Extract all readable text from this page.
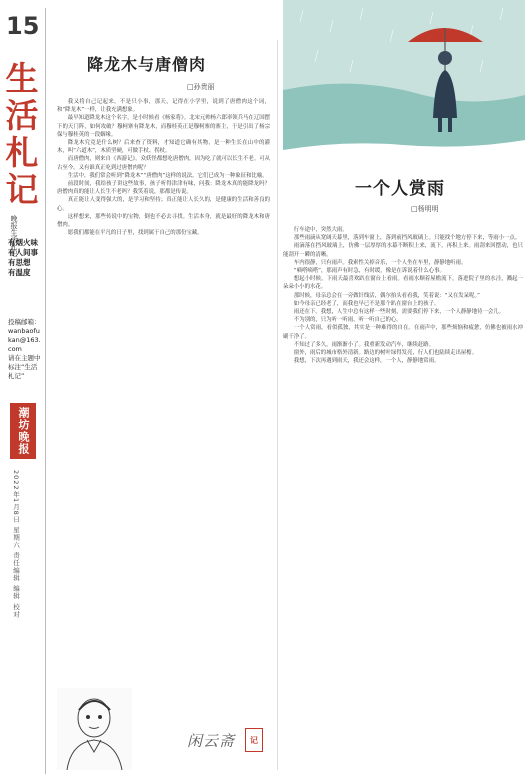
15
生活札记
晚报生活札记
有烟火味 有人间事 有思想 有温度
投稿邮箱：
wanbaofukan@163.com
请在主题中标注“生活札记”
潮坊晚报
2022年1月8日 星期六 责任编辑 编辑 校对
降龙木与唐僧肉
□孙贵丽

我又将自己记起来，不是只小事，那天，记得在小学里，说到了唐僧肉这个词，和“降龙木”一样，让我充满想象。

最早知道降龙木这个名字，是小时候看《杨家将》。北宋元帅杨六郎率领兵马在辽国摆下的天门阵，如何攻破？穆柯寨有降龙木，而穆桂英正是穆柯寨的寨主，于是引出了杨宗保与穆桂英的一段姻缘。

降龙木究竟是什么树？后来查了资料，才知道它确有其物，是一种生长在山中的灌木，叫“六道木”，木质坚硬，可做手杖、拐杖。

而唐僧肉，则来自《西游记》。众妖怪都想吃唐僧肉，因为吃了就可以长生不老。可从古至今，又有谁真正吃到过唐僧肉呢？

生活中，我们常会听到“降龙木”“唐僧肉”这样的说法，它们已成为一种象征和比喻。

前段时间，我给孩子讲这些故事，孩子听得津津有味，问我：降龙木真的能降龙吗？唐僧肉真的能让人长生不老吗？我笑着说，那都是传说。

真正能让人变得强大的，是学习和坚持；真正能让人长久的，是健康的生活和善良的心。

这样想来，那些传说中的宝物，倒也不必去寻找。生活本身，就是最好的降龙木和唐僧肉。

愿我们都能在平凡的日子里，找到属于自己的那份宝藏。

闲云斋	记
一个人赏雨
□杨明明

行车途中，突然大雨。

那些雨滴从宽阔天幕里，落到车窗上，落到前挡风玻璃上。只能找个地方停下来，等雨小一点。

雨滴落在挡风玻璃上，仿佛一层厚厚的水幕不断积上来，流下，再积上来。雨刮来回摆动，也只能刮开一瞬的清晰。

车内很静，只有雨声。我索性关掉音乐，一个人坐在车里，静静地听雨。

“嘀嗒嘀嗒”，那雨声有时急，有时缓，像是在诉说着什么心事。

想起小时候，下雨天最喜欢趴在窗台上看雨。看雨水顺着屋檐流下，落进院子里的水洼，溅起一朵朵小小的水花。

那时候，母亲总会在一旁做针线活，偶尔抬头看看我，笑着说：“又在发呆呢。”

如今母亲已经老了，而我也早已不是那个趴在窗台上的孩子。

雨还在下。我想，人生中总有这样一些时刻，需要我们停下来，一个人静静地待一会儿。

不为别的，只为听一听雨，听一听自己的心。

一个人赏雨，看似孤独，其实是一种难得的自在。在雨声中，那些烦恼和疲惫，仿佛也被雨水冲刷干净了。

不知过了多久，雨渐渐小了。我重新发动汽车，继续赶路。

窗外，雨后的城市格外清新。路边的树叶绿得发亮，行人们也陆续走出屋檐。

我想，下次再遇到雨天，我还会这样，一个人，静静地赏雨。
